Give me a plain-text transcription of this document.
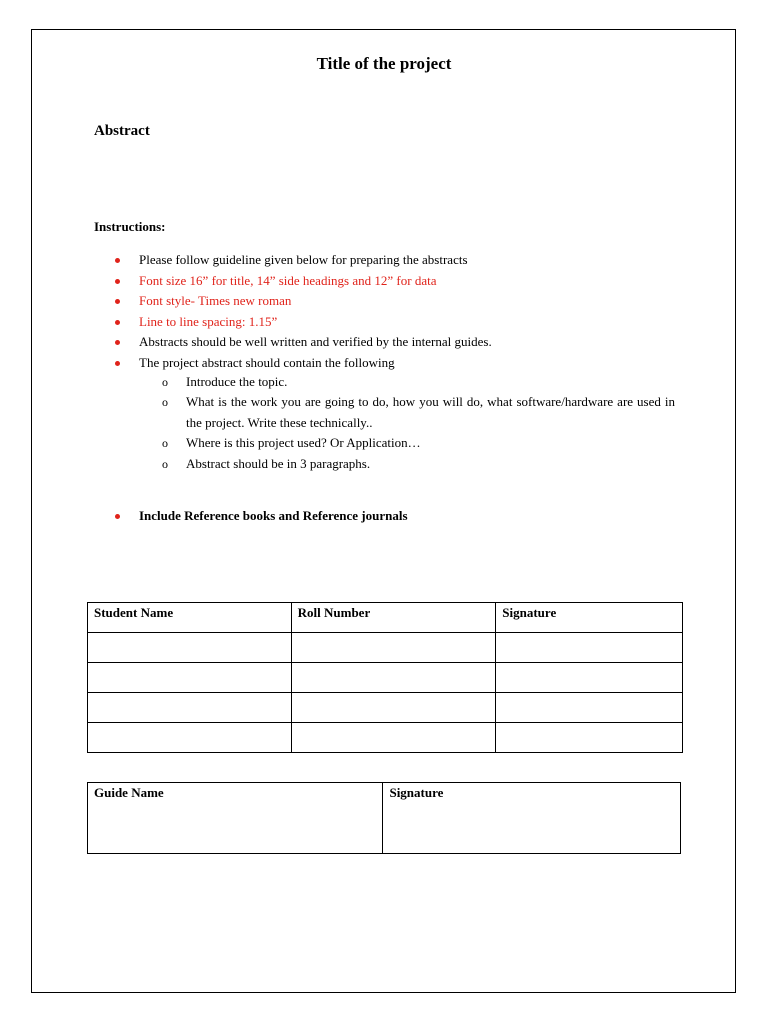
Title of the project
Abstract
Instructions:
Please follow guideline given below for preparing the abstracts
Font size 16” for title, 14” side headings and 12” for data
Font style- Times new roman
Line to line spacing: 1.15”
Abstracts should be well written and verified by the internal guides.
The project abstract should contain the following
o Introduce the topic.
o What is the work you are going to do, how you will do, what software/hardware are used in the project. Write these technically..
o Where is this project used? Or Application…
o Abstract should be in 3 paragraphs.
Include Reference books and Reference journals
Student Name	Roll Number	Signature

Guide Name	Signature
